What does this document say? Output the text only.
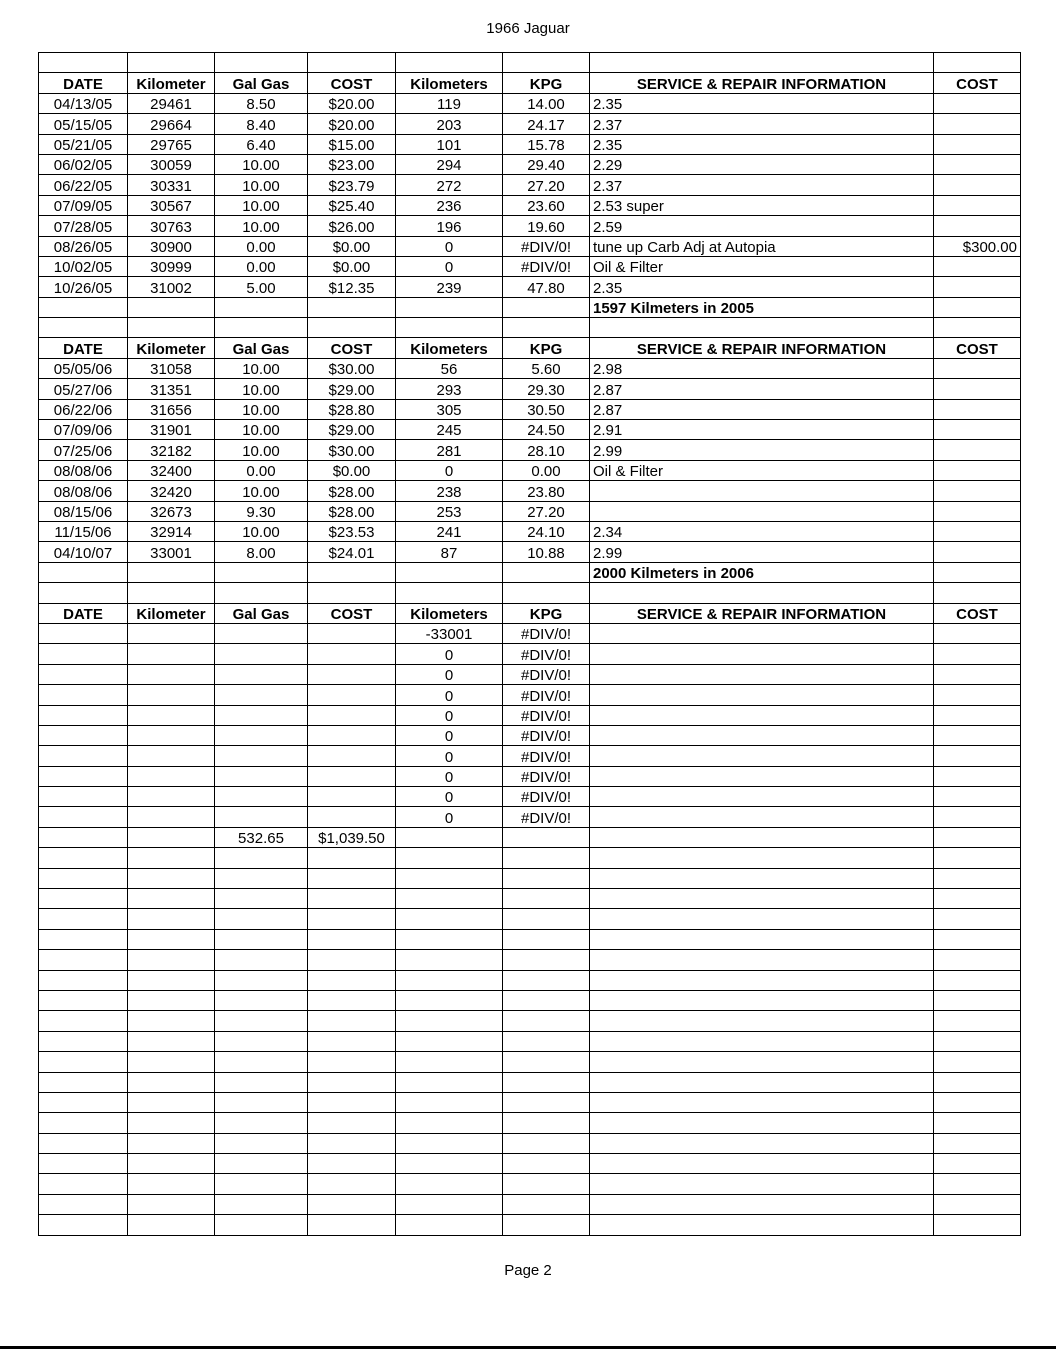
1966 Jaguar

DATE	Kilometer	Gal Gas	COST	Kilometers	KPG	SERVICE & REPAIR INFORMATION	COST
04/13/05	29461	8.50	$20.00	119	14.00	2.35	
05/15/05	29664	8.40	$20.00	203	24.17	2.37	
05/21/05	29765	6.40	$15.00	101	15.78	2.35	
06/02/05	30059	10.00	$23.00	294	29.40	2.29	
06/22/05	30331	10.00	$23.79	272	27.20	2.37	
07/09/05	30567	10.00	$25.40	236	23.60	2.53 super	
07/28/05	30763	10.00	$26.00	196	19.60	2.59	
08/26/05	30900	0.00	$0.00	0	#DIV/0!	tune up Carb Adj at Autopia	$300.00
10/02/05	30999	0.00	$0.00	0	#DIV/0!	Oil & Filter	
10/26/05	31002	5.00	$12.35	239	47.80	2.35	
						1597 Kilmeters in 2005	

DATE	Kilometer	Gal Gas	COST	Kilometers	KPG	SERVICE & REPAIR INFORMATION	COST
05/05/06	31058	10.00	$30.00	56	5.60	2.98	
05/27/06	31351	10.00	$29.00	293	29.30	2.87	
06/22/06	31656	10.00	$28.80	305	30.50	2.87	
07/09/06	31901	10.00	$29.00	245	24.50	2.91	
07/25/06	32182	10.00	$30.00	281	28.10	2.99	
08/08/06	32400	0.00	$0.00	0	0.00	Oil & Filter	
08/08/06	32420	10.00	$28.00	238	23.80		
08/15/06	32673	9.30	$28.00	253	27.20		
11/15/06	32914	10.00	$23.53	241	24.10	2.34	
04/10/07	33001	8.00	$24.01	87	10.88	2.99	
						2000 Kilmeters in 2006	

DATE	Kilometer	Gal Gas	COST	Kilometers	KPG	SERVICE & REPAIR INFORMATION	COST
				-33001	#DIV/0!		
				0	#DIV/0!		
				0	#DIV/0!		
				0	#DIV/0!		
				0	#DIV/0!		
				0	#DIV/0!		
				0	#DIV/0!		
				0	#DIV/0!		
				0	#DIV/0!		
				0	#DIV/0!		
		532.65	$1,039.50				

Page 2
